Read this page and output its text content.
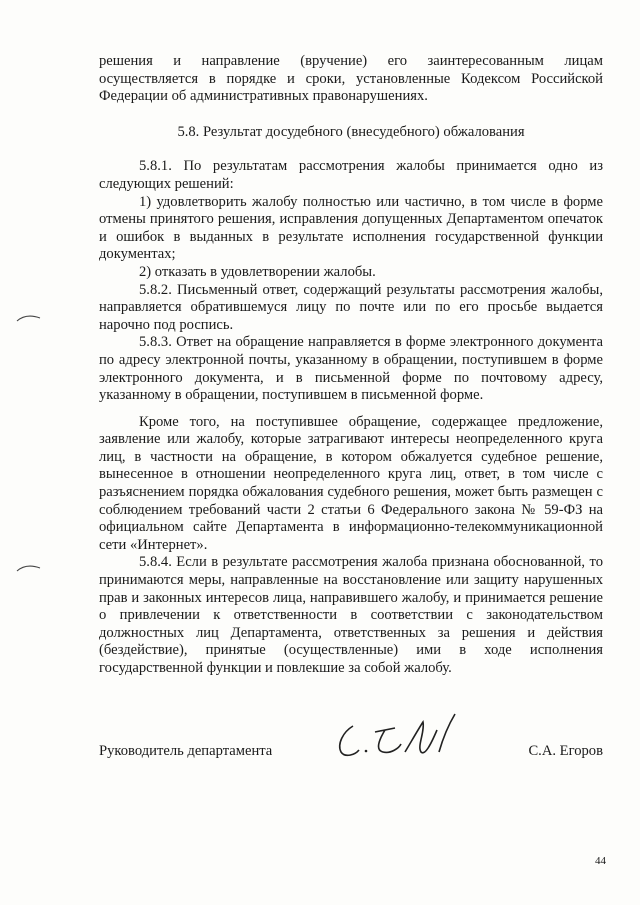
решения и направление (вручение) его заинтересованным лицам осуществляется в порядке и сроки, установленные Кодексом Российской Федерации об административных правонарушениях.

5.8. Результат досудебного (внесудебного) обжалования

5.8.1. По результатам рассмотрения жалобы принимается одно из следующих решений:

1) удовлетворить жалобу полностью или частично, в том числе в форме отмены принятого решения, исправления допущенных Департаментом опечаток и ошибок в выданных в результате исполнения государственной функции документах;

2) отказать в удовлетворении жалобы.

5.8.2. Письменный ответ, содержащий результаты рассмотрения жалобы, направляется обратившемуся лицу по почте или по его просьбе выдается нарочно под роспись.

5.8.3. Ответ на обращение направляется в форме электронного документа по адресу электронной почты, указанному в обращении, поступившем в форме электронного документа, и в письменной форме по почтовому адресу, указанному в обращении, поступившем в письменной форме.

Кроме того, на поступившее обращение, содержащее предложение, заявление или жалобу, которые затрагивают интересы неопределенного круга лиц, в частности на обращение, в котором обжалуется судебное решение, вынесенное в отношении неопределенного круга лиц, ответ, в том числе с разъяснением порядка обжалования судебного решения, может быть размещен с соблюдением требований части 2 статьи 6 Федерального закона № 59-ФЗ на официальном сайте Департамента в информационно-телекоммуникационной сети «Интернет».

5.8.4. Если в результате рассмотрения жалоба признана обоснованной, то принимаются меры, направленные на восстановление или защиту нарушенных прав и законных интересов лица, направившего жалобу, и принимается решение о привлечении к ответственности в соответствии с законодательством должностных лиц Департамента, ответственных за решения и действия (бездействие), принятые (осуществленные) ими в ходе исполнения государственной функции и повлекшие за собой жалобу.

Руководитель департамента	С.А. Егоров
44
